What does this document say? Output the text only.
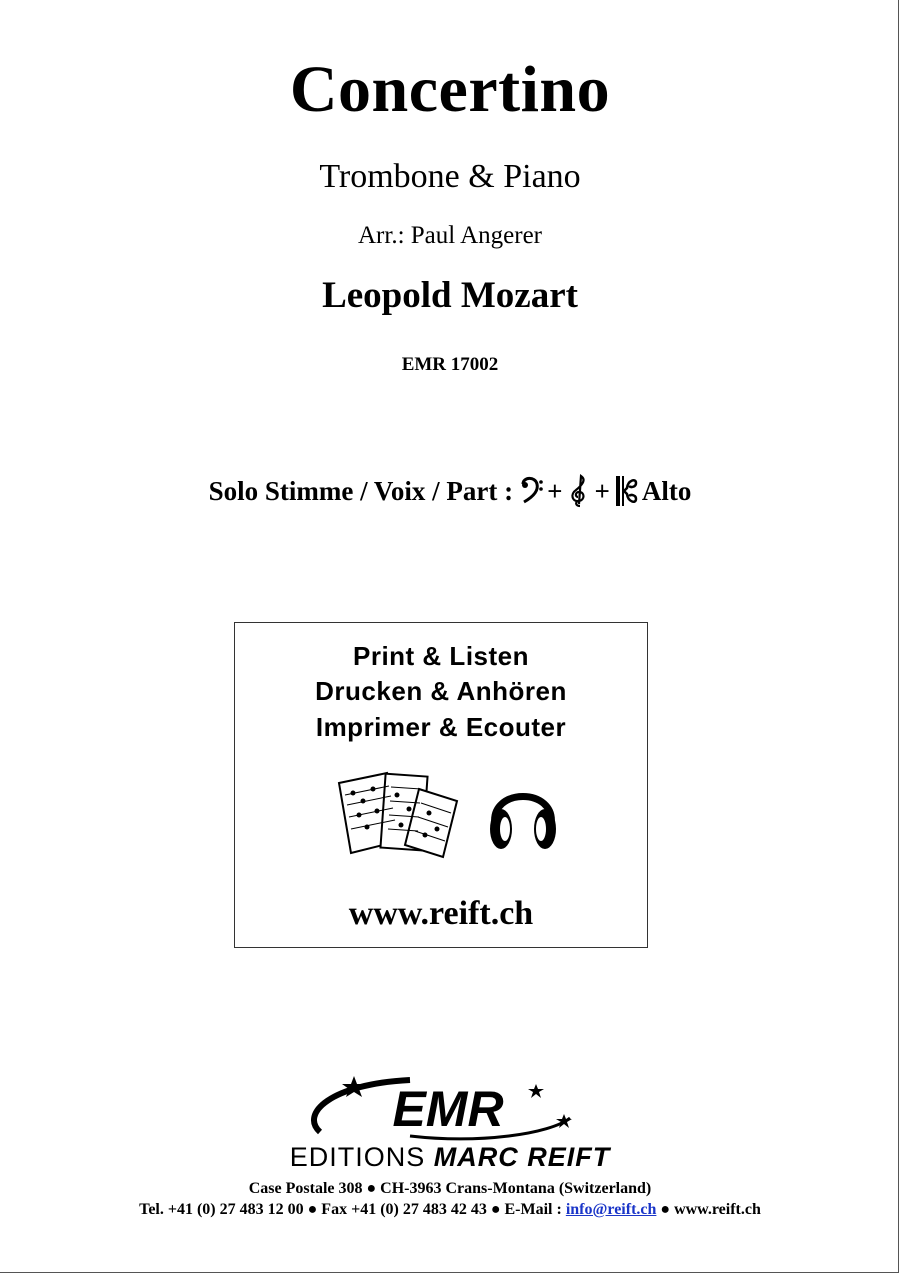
Concertino
Trombone & Piano
Arr.: Paul Angerer
Leopold Mozart
EMR 17002
Solo Stimme / Voix / Part : + + Alto
Print & Listen
Drucken & Anhören
Imprimer & Ecouter
www.reift.ch
EMR
EDITIONS MARC REIFT
Case Postale 308 ● CH-3963 Crans-Montana (Switzerland)
Tel. +41 (0) 27 483 12 00 ● Fax +41 (0) 27 483 42 43 ● E-Mail : info@reift.ch ● www.reift.ch
